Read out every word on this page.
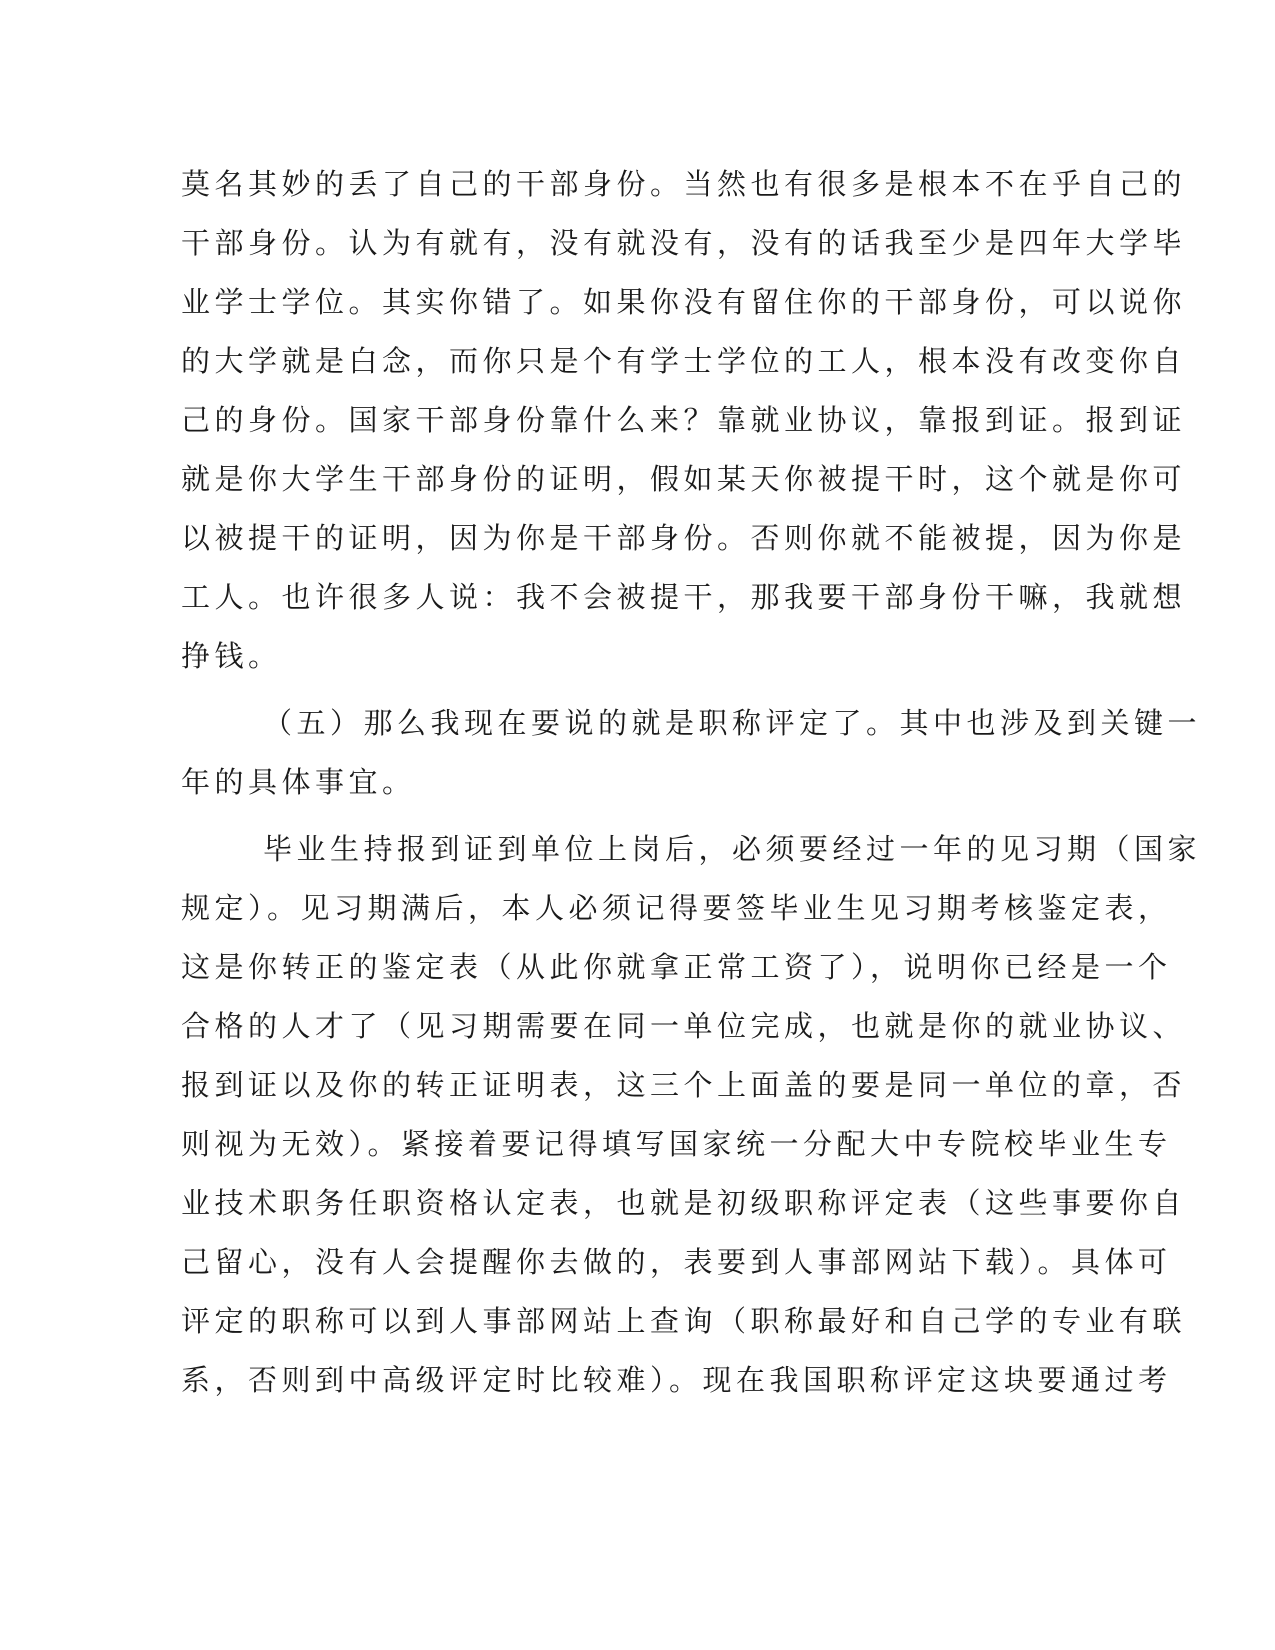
莫名其妙的丢了自己的干部身份。当然也有很多是根本不在乎自己的
干部身份。认为有就有，没有就没有，没有的话我至少是四年大学毕
业学士学位。其实你错了。如果你没有留住你的干部身份，可以说你
的大学就是白念，而你只是个有学士学位的工人，根本没有改变你自
己的身份。国家干部身份靠什么来？靠就业协议，靠报到证。报到证
就是你大学生干部身份的证明，假如某天你被提干时，这个就是你可
以被提干的证明，因为你是干部身份。否则你就不能被提，因为你是
工人。也许很多人说：我不会被提干，那我要干部身份干嘛，我就想
挣钱。
（五）那么我现在要说的就是职称评定了。其中也涉及到关键一
年的具体事宜。
毕业生持报到证到单位上岗后，必须要经过一年的见习期（国家
规定）。见习期满后，本人必须记得要签毕业生见习期考核鉴定表，
这是你转正的鉴定表（从此你就拿正常工资了），说明你已经是一个
合格的人才了（见习期需要在同一单位完成，也就是你的就业协议、
报到证以及你的转正证明表，这三个上面盖的要是同一单位的章，否
则视为无效）。紧接着要记得填写国家统一分配大中专院校毕业生专
业技术职务任职资格认定表，也就是初级职称评定表（这些事要你自
己留心，没有人会提醒你去做的，表要到人事部网站下载）。具体可
评定的职称可以到人事部网站上查询（职称最好和自己学的专业有联
系，否则到中高级评定时比较难）。现在我国职称评定这块要通过考
